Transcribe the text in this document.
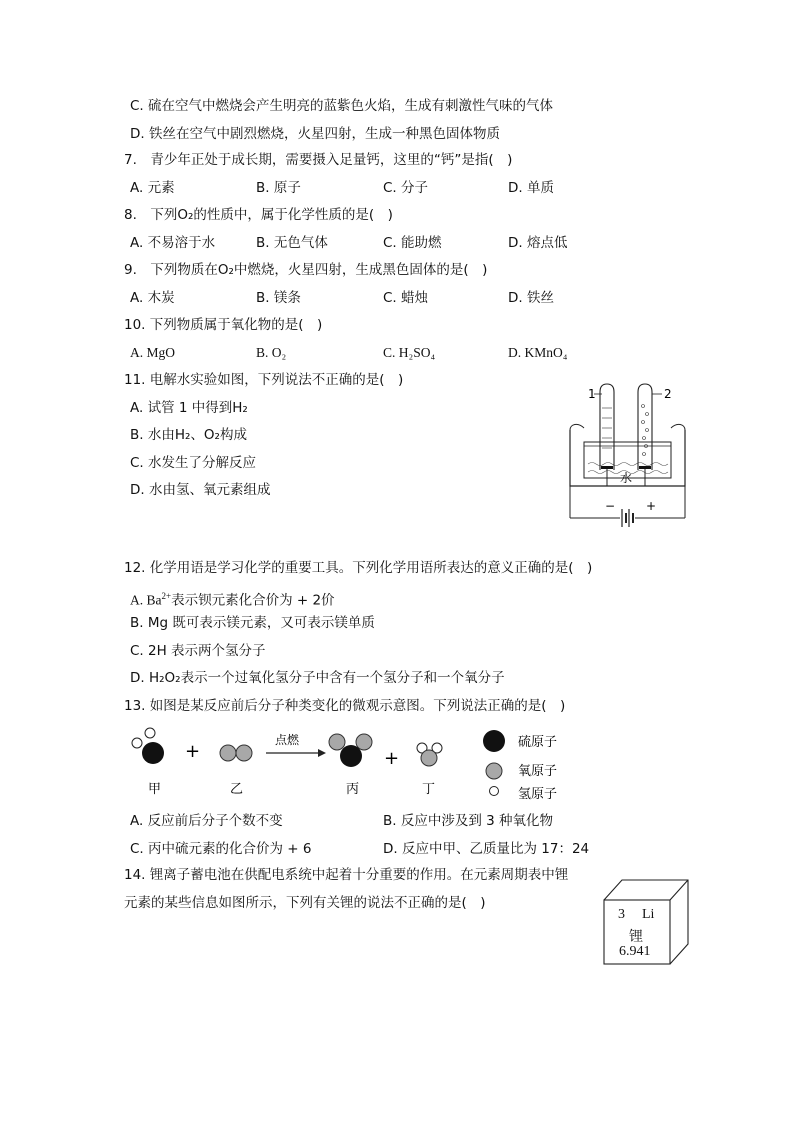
C. 硫在空气中燃烧会产生明亮的蓝紫色火焰，生成有刺激性气味的气体
D. 铁丝在空气中剧烈燃烧，火星四射，生成一种黑色固体物质
7.　青少年正处于成长期，需要摄入足量钙，这里的“钙”是指(　)
A. 元素	B. 原子	C. 分子	D. 单质
8.　下列O₂的性质中，属于化学性质的是(　)
A. 不易溶于水	B. 无色气体	C. 能助燃	D. 熔点低
9.　下列物质在O₂中燃烧，火星四射，生成黑色固体的是(　)
A. 木炭	B. 镁条	C. 蜡烛	D. 铁丝
10. 下列物质属于氧化物的是(　)
A. MgO	B. O₂	C. H₂SO₄	D. KMnO₄
11. 电解水实验如图，下列说法不正确的是(　)
A. 试管 1 中得到H₂
B. 水由H₂、O₂构成
C. 水发生了分解反应
D. 水由氢、氧元素组成
1	2
水
−	+
12. 化学用语是学习化学的重要工具。下列化学用语所表达的意义正确的是(　)
A. $Ba^{2+}$表示钡元素化合价为 + 2价
B. Mg 既可表示镁元素，又可表示镁单质
C. 2H 表示两个氢分子
D. H₂O₂表示一个过氧化氢分子中含有一个氢分子和一个氧分子
13. 如图是某反应前后分子种类变化的微观示意图。下列说法正确的是(　)
甲
+
乙
点燃
丙
+
丁
硫原子
氧原子
氢原子
A. 反应前后分子个数不变	B. 反应中涉及到 3 种氧化物
C. 丙中硫元素的化合价为 + 6	D. 反应中甲、乙质量比为 17：24
14. 锂离子蓄电池在供配电系统中起着十分重要的作用。在元素周期表中锂
元素的某些信息如图所示，下列有关锂的说法不正确的是(　)
3 Li
锂
6.941
